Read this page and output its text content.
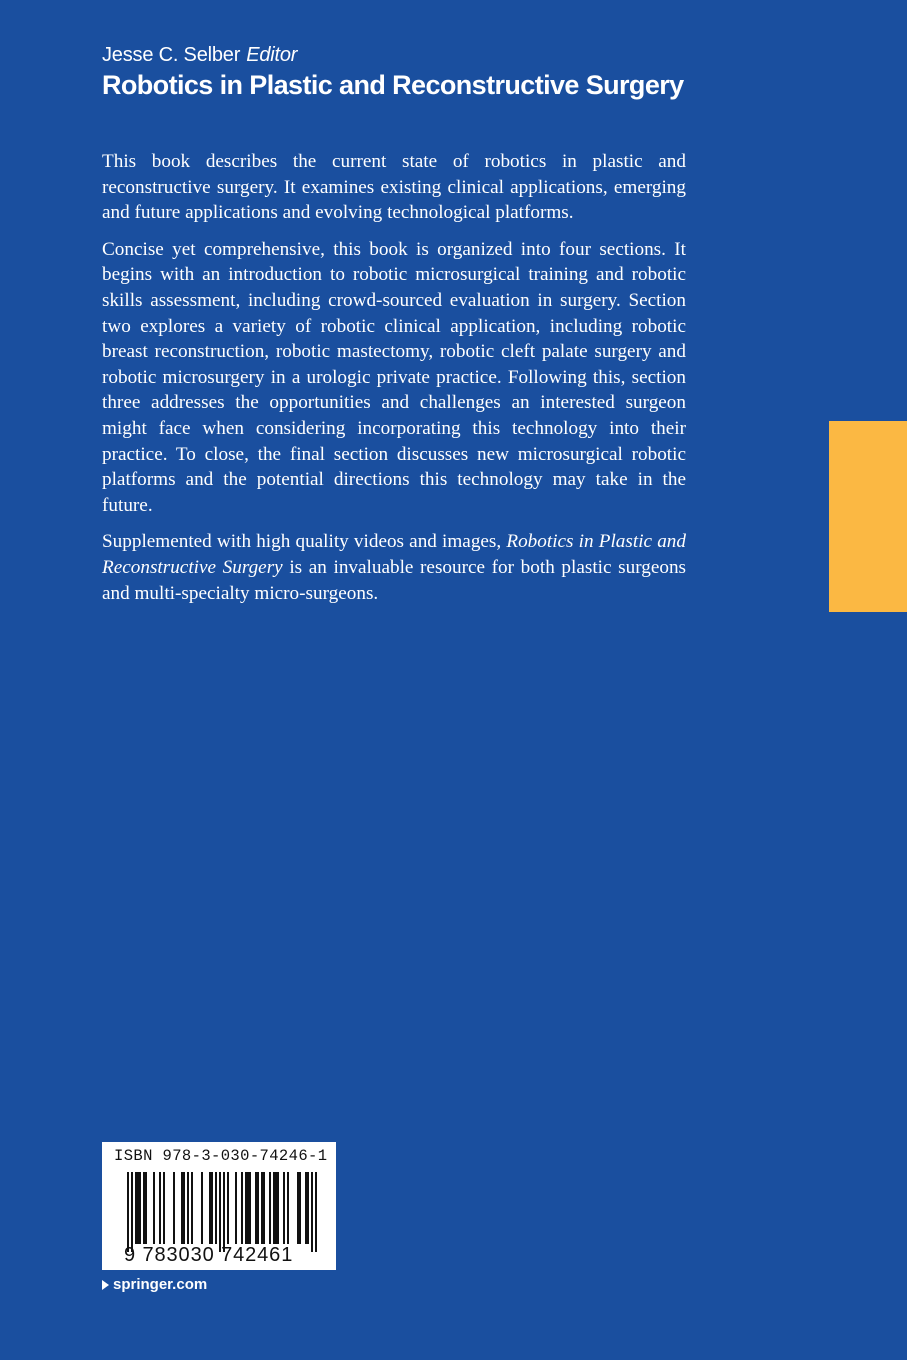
Jesse C. Selber Editor
Robotics in Plastic and Reconstructive Surgery

This book describes the current state of robotics in plastic and reconstructive surgery. It examines existing clinical applications, emerging and future applications and evolving technological platforms.

Concise yet comprehensive, this book is organized into four sections. It begins with an introduction to robotic microsurgical training and robotic skills assessment, including crowd-sourced evaluation in surgery. Section two explores a variety of robotic clinical application, including robotic breast reconstruction, robotic mastectomy, robotic cleft palate surgery and robotic microsurgery in a urologic private practice. Following this, section three addresses the opportunities and challenges an interested surgeon might face when considering incorporating this technology into their practice. To close, the final section discusses new microsurgical robotic platforms and the potential directions this technology may take in the future.

Supplemented with high quality videos and images, Robotics in Plastic and Reconstructive Surgery is an invaluable resource for both plastic surgeons and multi-specialty micro-surgeons.

ISBN 978-3-030-74246-1
9 783030 742461
springer.com
